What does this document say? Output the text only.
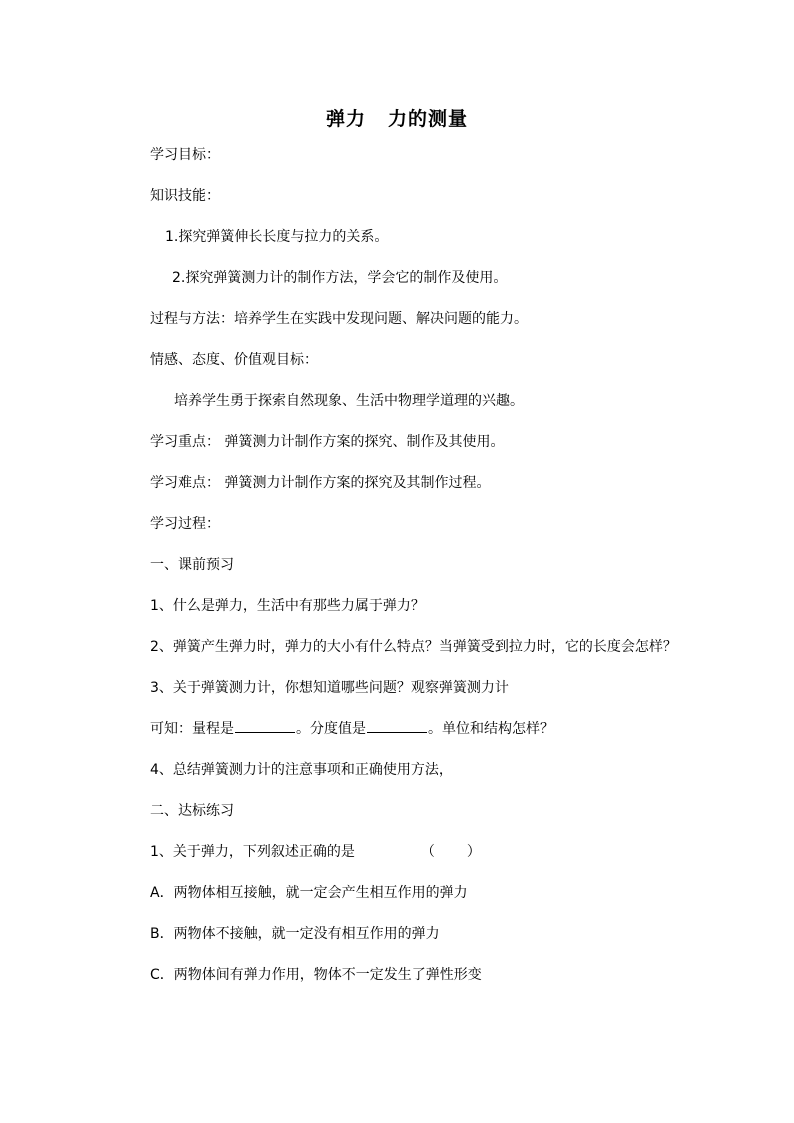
弹力 力的测量
学习目标：
知识技能：
1.探究弹簧伸长长度与拉力的关系。
2.探究弹簧测力计的制作方法，学会它的制作及使用。
过程与方法：培养学生在实践中发现问题、解决问题的能力。
情感、态度、价值观目标：
培养学生勇于探索自然现象、生活中物理学道理的兴趣。
学习重点： 弹簧测力计制作方案的探究、制作及其使用。
学习难点： 弹簧测力计制作方案的探究及其制作过程。
学习过程：
一、课前预习
1、什么是弹力，生活中有那些力属于弹力？
2、弹簧产生弹力时，弹力的大小有什么特点？当弹簧受到拉力时，它的长度会怎样？
3、关于弹簧测力计，你想知道哪些问题？观察弹簧测力计
可知：量程是	。分度值是	。单位和结构怎样？
4、总结弹簧测力计的注意事项和正确使用方法，
二、达标练习
1、关于弹力，下列叙述正确的是	（ ）
A．两物体相互接触，就一定会产生相互作用的弹力
B．两物体不接触，就一定没有相互作用的弹力
C．两物体间有弹力作用，物体不一定发生了弹性形变
